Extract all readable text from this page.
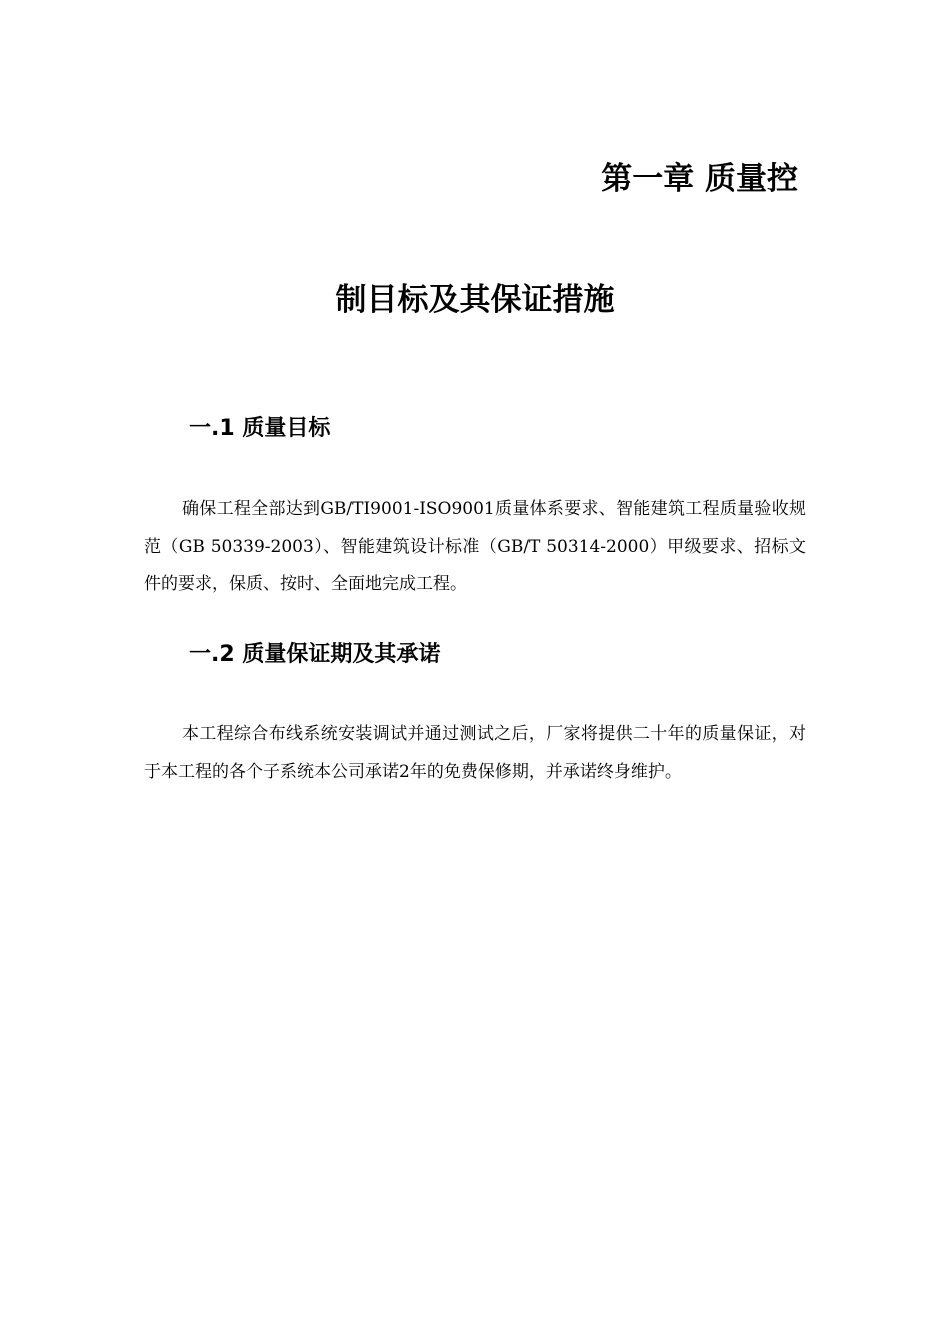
第一章 质量控
制目标及其保证措施
一.1 质量目标

确保工程全部达到GB/TI9001-ISO9001质量体系要求、智能建筑工程质量验收规范（GB 50339-2003）、智能建筑设计标准（GB/T 50314-2000）甲级要求、招标文件的要求，保质、按时、全面地完成工程。

一.2 质量保证期及其承诺

本工程综合布线系统安装调试并通过测试之后，厂家将提供二十年的质量保证，对于本工程的各个子系统本公司承诺2年的免费保修期，并承诺终身维护。
